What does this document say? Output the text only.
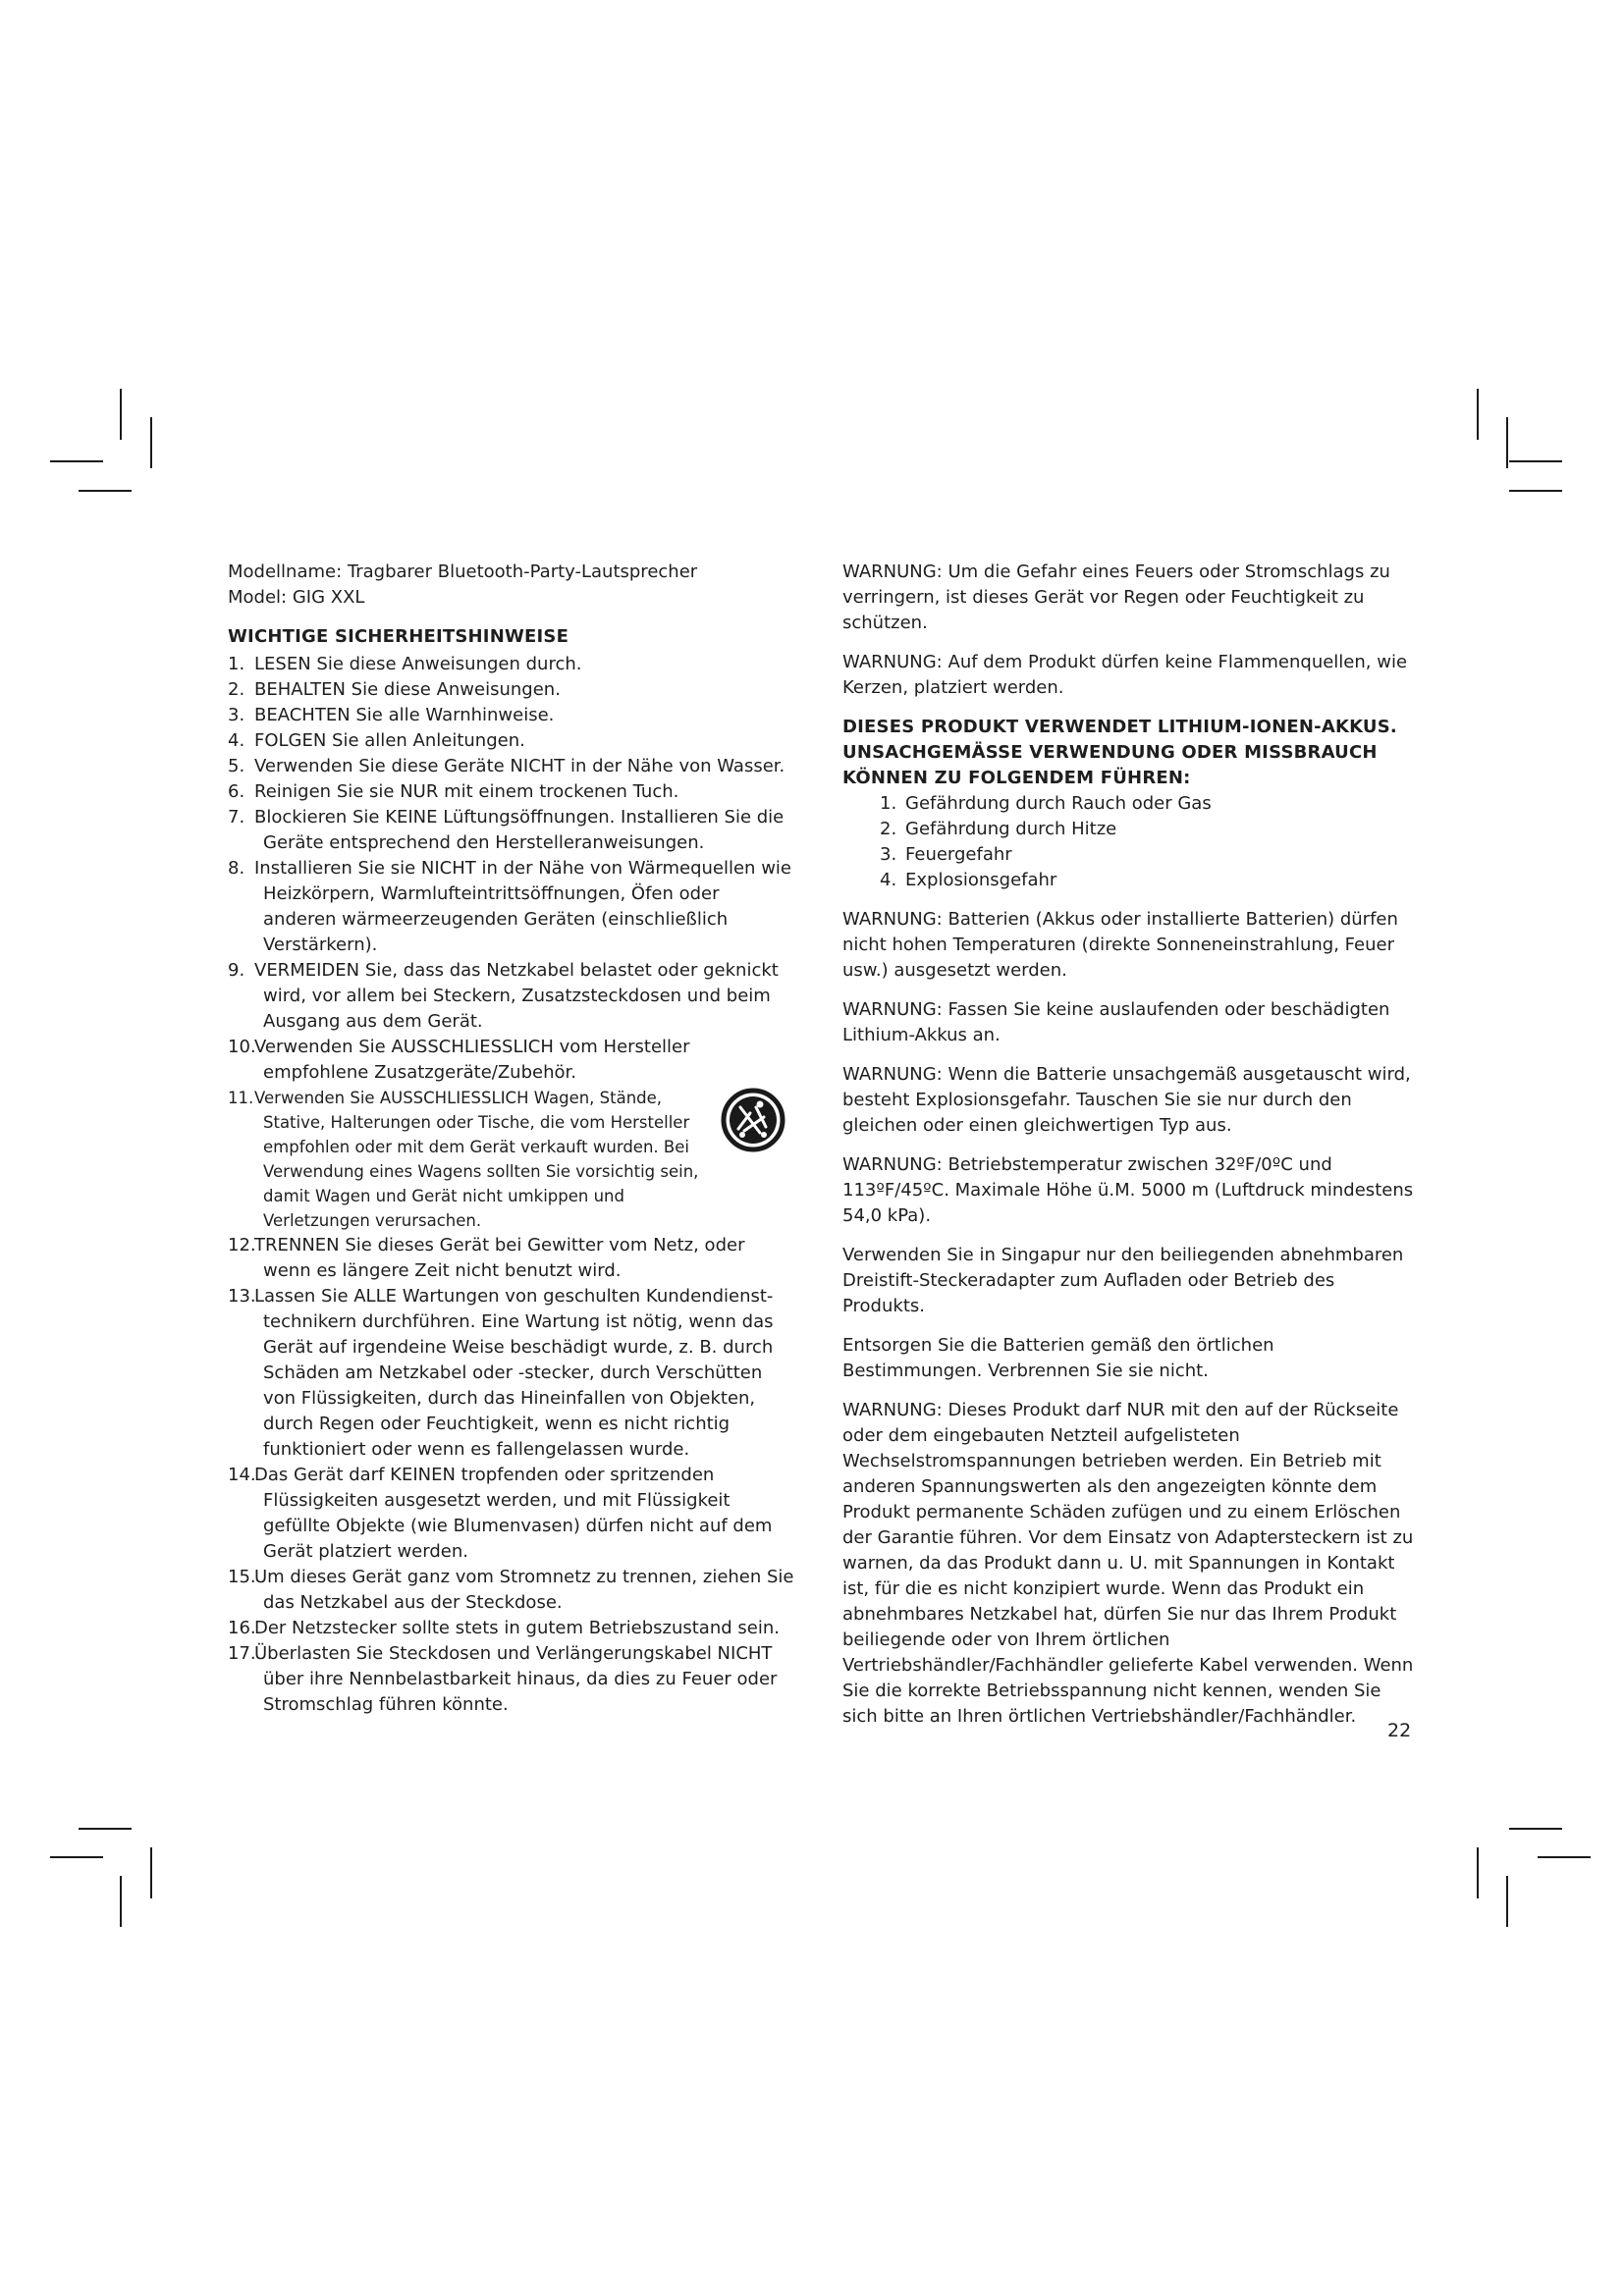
Modellname: Tragbarer Bluetooth-Party-Lautsprecher

Model: GIG XXL

WICHTIGE SICHERHEITSHINWEISE

1. LESEN Sie diese Anweisungen durch.
2. BEHALTEN Sie diese Anweisungen.
3. BEACHTEN Sie alle Warnhinweise.
4. FOLGEN Sie allen Anleitungen.
5. Verwenden Sie diese Geräte NICHT in der Nähe von Wasser.
6. Reinigen Sie sie NUR mit einem trockenen Tuch.
7. Blockieren Sie KEINE Lüftungsöffnungen. Installieren Sie die Geräte entsprechend den Herstelleranweisungen.
8. Installieren Sie sie NICHT in der Nähe von Wärmequellen wie Heizkörpern, Warmlufteintrittsöffnungen, Öfen oder anderen wärmeerzeugenden Geräten (einschließlich Verstärkern).
9. VERMEIDEN Sie, dass das Netzkabel belastet oder geknickt wird, vor allem bei Steckern, Zusatzsteckdosen und beim Ausgang aus dem Gerät.
10.Verwenden Sie AUSSCHLIESSLICH vom Hersteller empfohlene Zusatzgeräte/Zubehör.
11.Verwenden Sie AUSSCHLIESSLICH Wagen, Stände, Stative, Halterungen oder Tische, die vom Hersteller empfohlen oder mit dem Gerät verkauft wurden. Bei Verwendung eines Wagens sollten Sie vorsichtig sein, damit Wagen und Gerät nicht umkippen und Verletzungen verursachen.
12.TRENNEN Sie dieses Gerät bei Gewitter vom Netz, oder wenn es längere Zeit nicht benutzt wird.
13.Lassen Sie ALLE Wartungen von geschulten Kundendienst-technikern durchführen. Eine Wartung ist nötig, wenn das Gerät auf irgendeine Weise beschädigt wurde, z. B. durch Schäden am Netzkabel oder -stecker, durch Verschütten von Flüssigkeiten, durch das Hineinfallen von Objekten, durch Regen oder Feuchtigkeit, wenn es nicht richtig funktioniert oder wenn es fallengelassen wurde.
14.Das Gerät darf KEINEN tropfenden oder spritzenden Flüssigkeiten ausgesetzt werden, und mit Flüssigkeit gefüllte Objekte (wie Blumenvasen) dürfen nicht auf dem Gerät platziert werden.
15.Um dieses Gerät ganz vom Stromnetz zu trennen, ziehen Sie das Netzkabel aus der Steckdose.
16.Der Netzstecker sollte stets in gutem Betriebszustand sein.
17.Überlasten Sie Steckdosen und Verlängerungskabel NICHT über ihre Nennbelastbarkeit hinaus, da dies zu Feuer oder Stromschlag führen könnte.

WARNUNG: Um die Gefahr eines Feuers oder Stromschlags zu verringern, ist dieses Gerät vor Regen oder Feuchtigkeit zu schützen.

WARNUNG: Auf dem Produkt dürfen keine Flammenquellen, wie Kerzen, platziert werden.

DIESES PRODUKT VERWENDET LITHIUM-IONEN-AKKUS. UNSACHGEMÄSSE VERWENDUNG ODER MISSBRAUCH KÖNNEN ZU FOLGENDEM FÜHREN:

1. Gefährdung durch Rauch oder Gas
2. Gefährdung durch Hitze
3. Feuergefahr
4. Explosionsgefahr

WARNUNG: Batterien (Akkus oder installierte Batterien) dürfen nicht hohen Temperaturen (direkte Sonneneinstrahlung, Feuer usw.) ausgesetzt werden.

WARNUNG: Fassen Sie keine auslaufenden oder beschädigten Lithium-Akkus an.

WARNUNG: Wenn die Batterie unsachgemäß ausgetauscht wird, besteht Explosionsgefahr. Tauschen Sie sie nur durch den gleichen oder einen gleichwertigen Typ aus.

WARNUNG: Betriebstemperatur zwischen 32ºF/0ºC und 113ºF/45ºC. Maximale Höhe ü.M. 5000 m (Luftdruck mindestens 54,0 kPa).

Verwenden Sie in Singapur nur den beiliegenden abnehmbaren Dreistift-Steckeradapter zum Aufladen oder Betrieb des Produkts.

Entsorgen Sie die Batterien gemäß den örtlichen Bestimmungen. Verbrennen Sie sie nicht.

WARNUNG: Dieses Produkt darf NUR mit den auf der Rückseite oder dem eingebauten Netzteil aufgelisteten Wechselstromspannungen betrieben werden. Ein Betrieb mit anderen Spannungswerten als den angezeigten könnte dem Produkt permanente Schäden zufügen und zu einem Erlöschen der Garantie führen. Vor dem Einsatz von Adaptersteckern ist zu warnen, da das Produkt dann u. U. mit Spannungen in Kontakt ist, für die es nicht konzipiert wurde. Wenn das Produkt ein abnehmbares Netzkabel hat, dürfen Sie nur das Ihrem Produkt beiliegende oder von Ihrem örtlichen Vertriebshändler/Fachhändler gelieferte Kabel verwenden. Wenn Sie die korrekte Betriebsspannung nicht kennen, wenden Sie sich bitte an Ihren örtlichen Vertriebshändler/Fachhändler.

22
